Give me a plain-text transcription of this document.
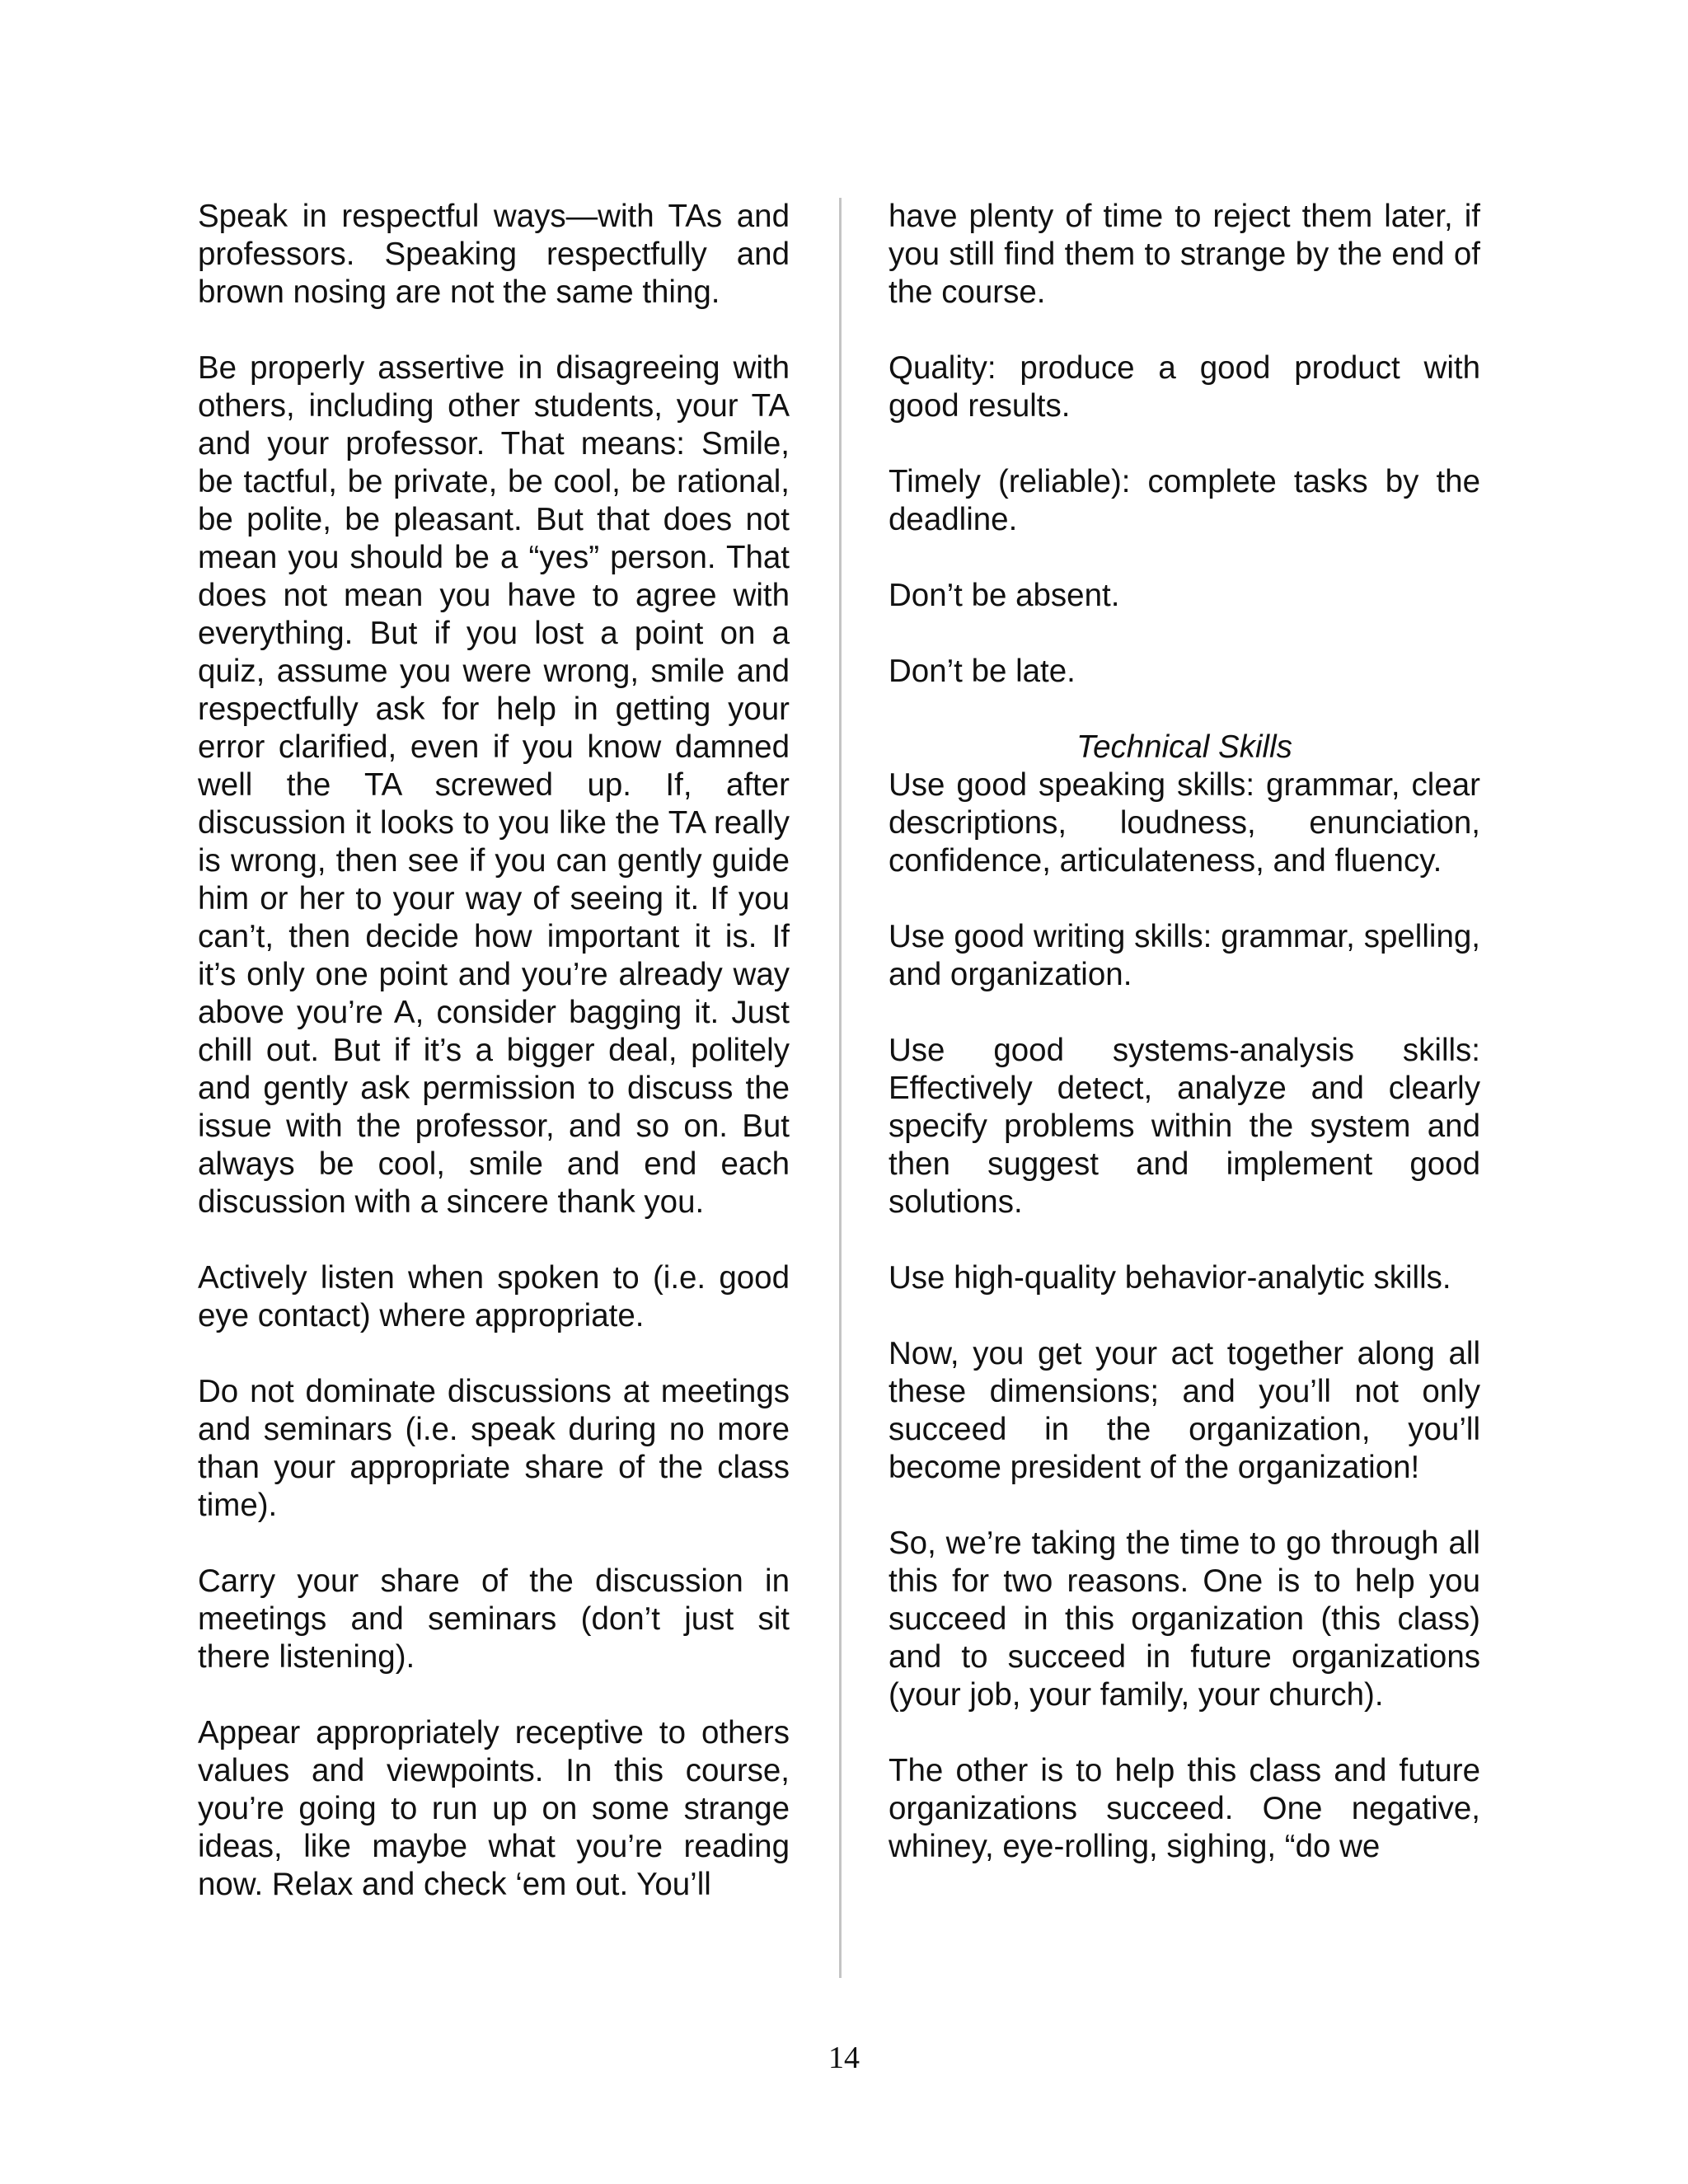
Speak in respectful ways—with TAs and professors. Speaking respectfully and brown nosing are not the same thing.

Be properly assertive in disagreeing with others, including other students, your TA and your professor. That means: Smile, be tactful, be private, be cool, be rational, be polite, be pleasant. But that does not mean you should be a “yes” person. That does not mean you have to agree with everything. But if you lost a point on a quiz, assume you were wrong, smile and respectfully ask for help in getting your error clarified, even if you know damned well the TA screwed up. If, after discussion it looks to you like the TA really is wrong, then see if you can gently guide him or her to your way of seeing it. If you can’t, then decide how important it is. If it’s only one point and you’re already way above you’re A, consider bagging it. Just chill out. But if it’s a bigger deal, politely and gently ask permission to discuss the issue with the professor, and so on. But always be cool, smile and end each discussion with a sincere thank you.

Actively listen when spoken to (i.e. good eye contact) where appropriate.

Do not dominate discussions at meetings and seminars (i.e. speak during no more than your appropriate share of the class time).

Carry your share of the discussion in meetings and seminars (don’t just sit there listening).

Appear appropriately receptive to others values and viewpoints. In this course, you’re going to run up on some strange ideas, like maybe what you’re reading now. Relax and check ‘em out. You’ll

have plenty of time to reject them later, if you still find them to strange by the end of the course.

Quality: produce a good product with good results.

Timely (reliable): complete tasks by the deadline.

Don’t be absent.

Don’t be late.

Technical Skills

Use good speaking skills: grammar, clear descriptions, loudness, enunciation, confidence, articulateness, and fluency.

Use good writing skills: grammar, spelling, and organization.

Use good systems-analysis skills: Effectively detect, analyze and clearly specify problems within the system and then suggest and implement good solutions.

Use high-quality behavior-analytic skills.

Now, you get your act together along all these dimensions; and you’ll not only succeed in the organization, you’ll become president of the organization!

So, we’re taking the time to go through all this for two reasons. One is to help you succeed in this organization (this class) and to succeed in future organizations (your job, your family, your church).

The other is to help this class and future organizations succeed. One negative, whiney, eye-rolling, sighing, “do we

14
